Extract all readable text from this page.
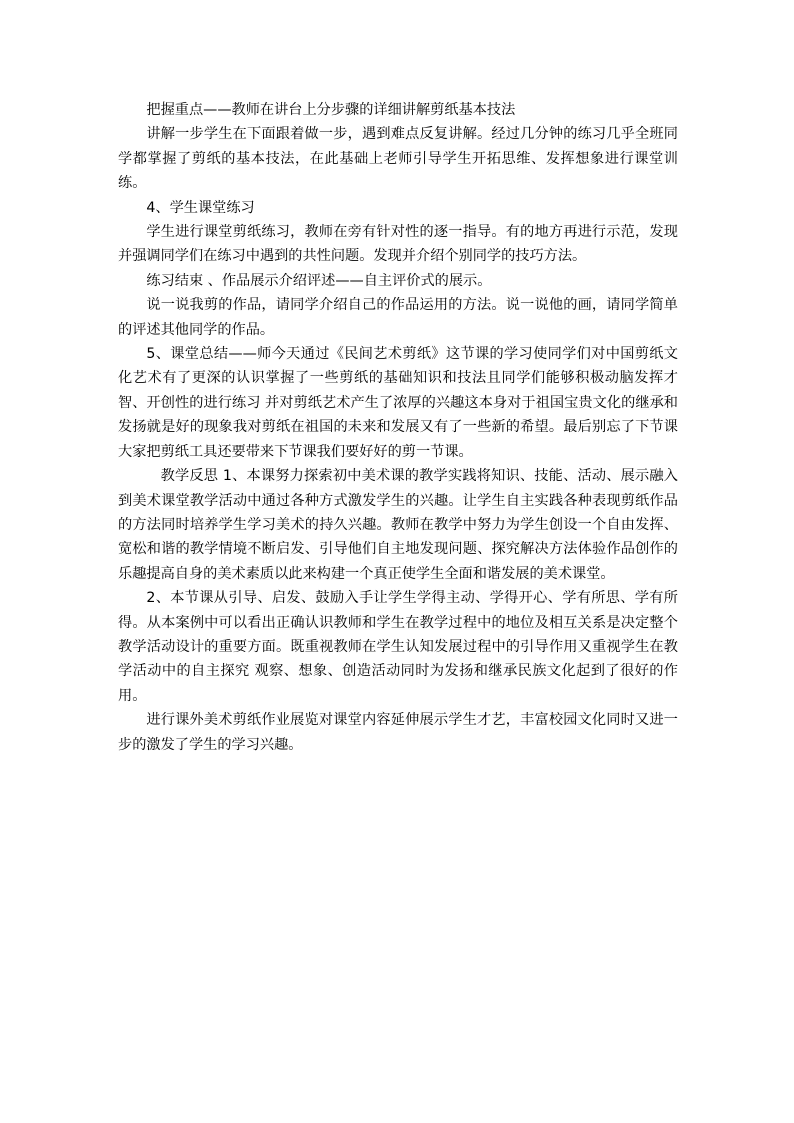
把握重点——教师在讲台上分步骤的详细讲解剪纸基本技法

讲解一步学生在下面跟着做一步，遇到难点反复讲解。经过几分钟的练习几乎全班同学都掌握了剪纸的基本技法，在此基础上老师引导学生开拓思维、发挥想象进行课堂训练。

4、学生课堂练习

学生进行课堂剪纸练习，教师在旁有针对性的逐一指导。有的地方再进行示范，发现并强调同学们在练习中遇到的共性问题。发现并介绍个别同学的技巧方法。

练习结束 、作品展示介绍评述——自主评价式的展示。

说一说我剪的作品，请同学介绍自己的作品运用的方法。说一说他的画，请同学简单的评述其他同学的作品。

5、课堂总结——师今天通过《民间艺术剪纸》这节课的学习使同学们对中国剪纸文化艺术有了更深的认识掌握了一些剪纸的基础知识和技法且同学们能够积极动脑发挥才智、开创性的进行练习 并对剪纸艺术产生了浓厚的兴趣这本身对于祖国宝贵文化的继承和发扬就是好的现象我对剪纸在祖国的未来和发展又有了一些新的希望。最后别忘了下节课大家把剪纸工具还要带来下节课我们要好好的剪一节课。

教学反思 1、本课努力探索初中美术课的教学实践将知识、技能、活动、展示融入到美术课堂教学活动中通过各种方式激发学生的兴趣。让学生自主实践各种表现剪纸作品的方法同时培养学生学习美术的持久兴趣。教师在教学中努力为学生创设一个自由发挥、宽松和谐的教学情境不断启发、引导他们自主地发现问题、探究解决方法体验作品创作的乐趣提高自身的美术素质以此来构建一个真正使学生全面和谐发展的美术课堂。

2、本节课从引导、启发、鼓励入手让学生学得主动、学得开心、学有所思、学有所得。从本案例中可以看出正确认识教师和学生在教学过程中的地位及相互关系是决定整个教学活动设计的重要方面。既重视教师在学生认知发展过程中的引导作用又重视学生在教学活动中的自主探究 观察、想象、创造活动同时为发扬和继承民族文化起到了很好的作用。

进行课外美术剪纸作业展览对课堂内容延伸展示学生才艺，丰富校园文化同时又进一步的激发了学生的学习兴趣。
